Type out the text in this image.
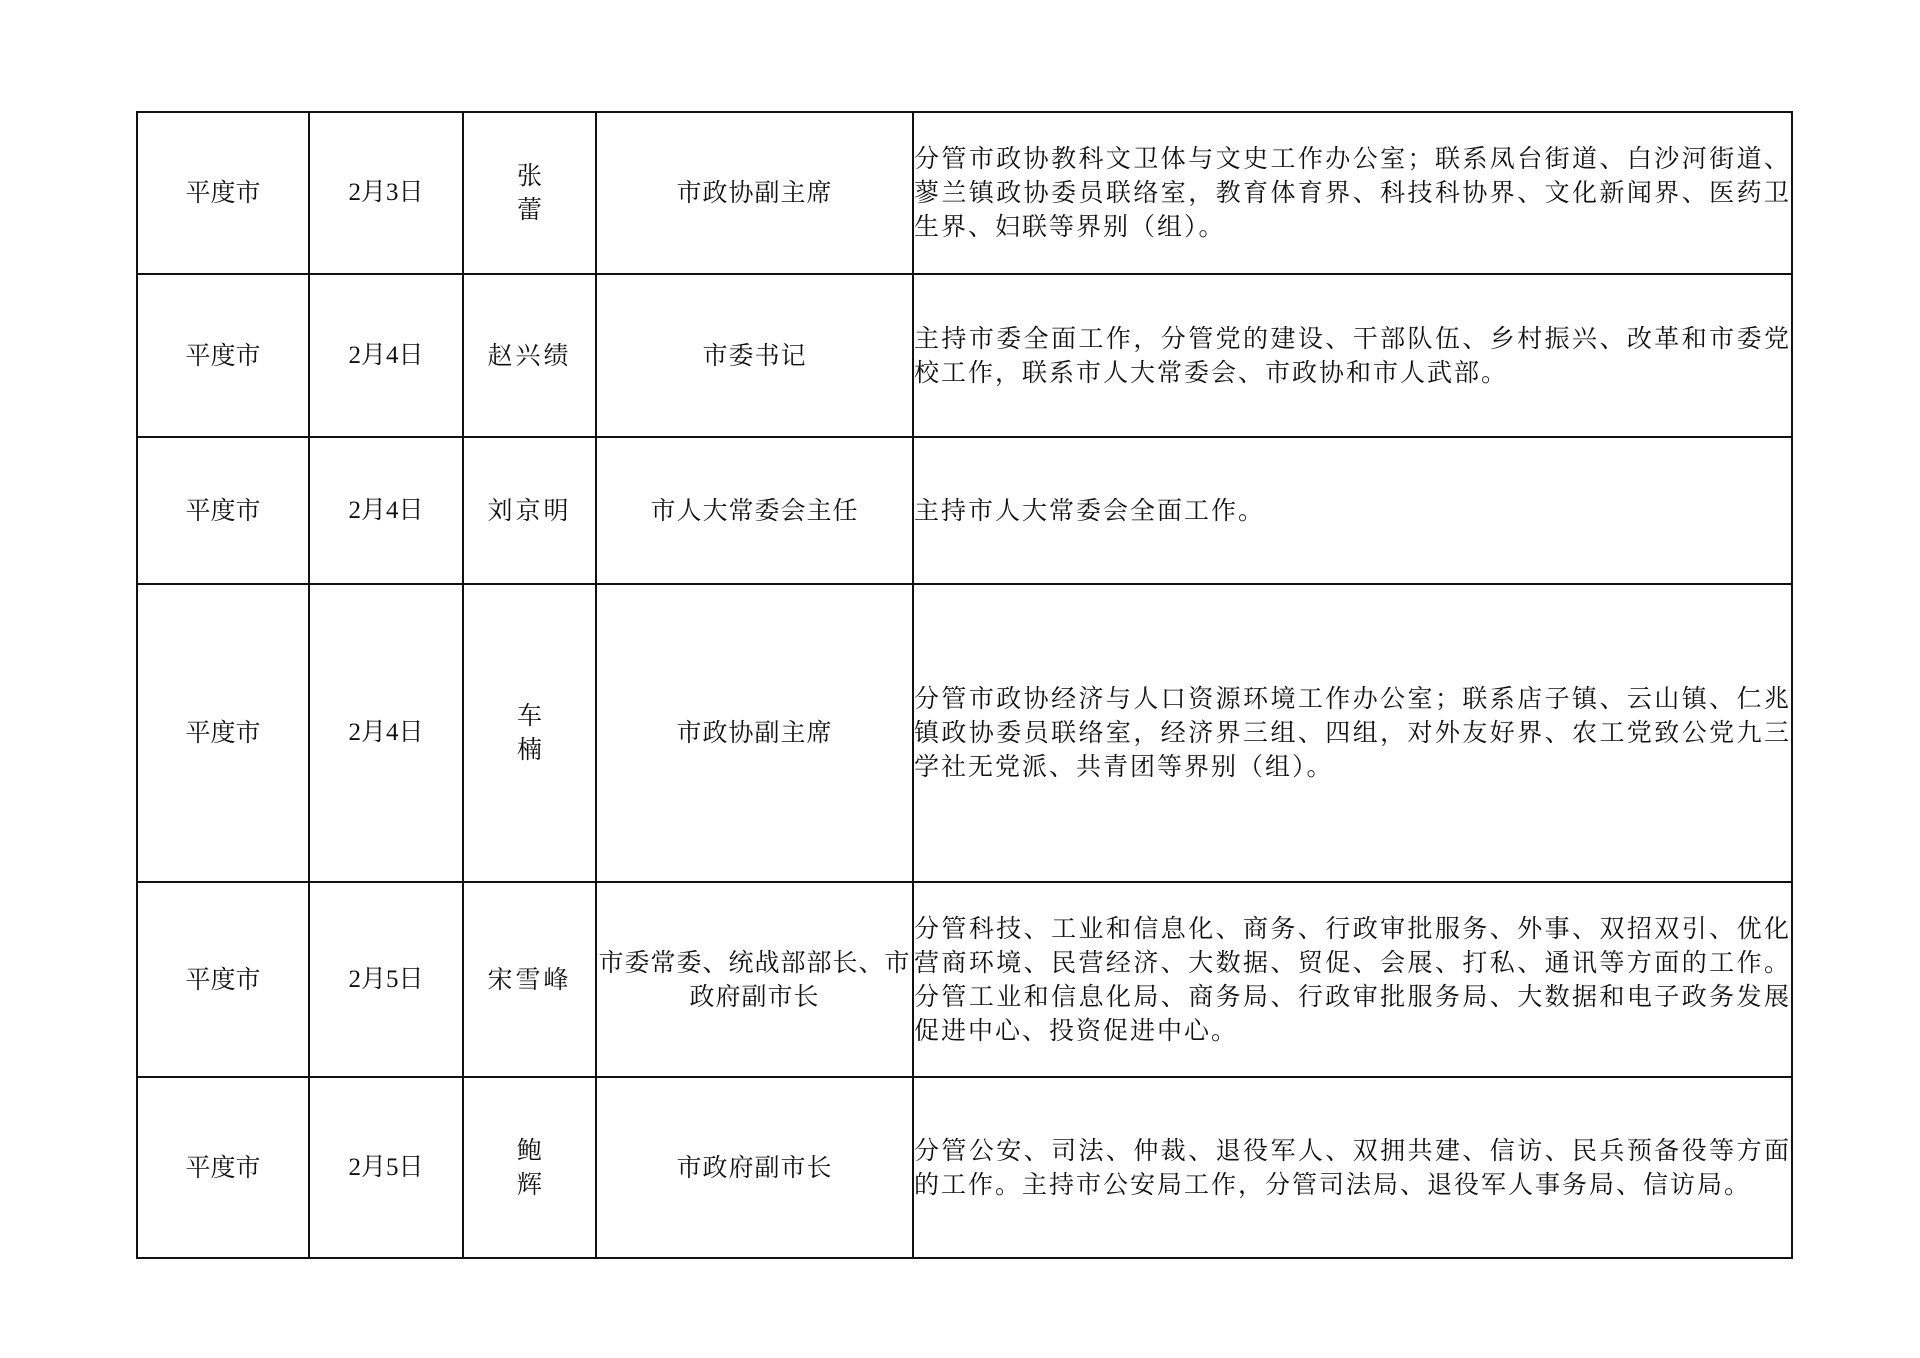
平度市	2月3日	张 蕾	市政协副主席	分管市政协教科文卫体与文史工作办公室；联系凤台街道、白沙河街道、蓼兰镇政协委员联络室，教育体育界、科技科协界、文化新闻界、医药卫生界、妇联等界别（组）。
平度市	2月4日	赵兴绩	市委书记	主持市委全面工作，分管党的建设、干部队伍、乡村振兴、改革和市委党校工作，联系市人大常委会、市政协和市人武部。
平度市	2月4日	刘京明	市人大常委会主任	主持市人大常委会全面工作。
平度市	2月4日	车 楠	市政协副主席	分管市政协经济与人口资源环境工作办公室；联系店子镇、云山镇、仁兆镇政协委员联络室，经济界三组、四组，对外友好界、农工党致公党九三学社无党派、共青团等界别（组）。
平度市	2月5日	宋雪峰	市委常委、统战部部长、市政府副市长	分管科技、工业和信息化、商务、行政审批服务、外事、双招双引、优化营商环境、民营经济、大数据、贸促、会展、打私、通讯等方面的工作。分管工业和信息化局、商务局、行政审批服务局、大数据和电子政务发展促进中心、投资促进中心。
平度市	2月5日	鲍 辉	市政府副市长	分管公安、司法、仲裁、退役军人、双拥共建、信访、民兵预备役等方面的工作。主持市公安局工作，分管司法局、退役军人事务局、信访局。
